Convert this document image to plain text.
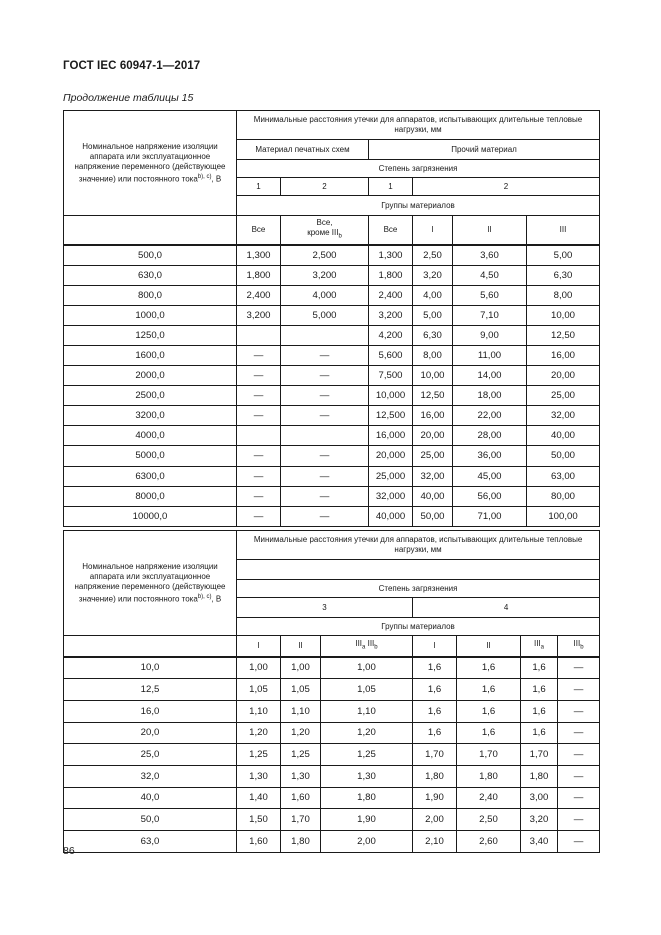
ГОСТ IEC 60947-1—2017
Продолжение таблицы 15
Номинальное напряжение изоляции аппарата или эксплуатационное напряжение переменного (действующее значение) или постоянного тока$^{b), c)}$, В	Минимальные расстояния утечки для аппаратов, испытывающих длительные тепловые нагрузки, мм					
	Материал печатных схем		Прочий материал			
	Степень загрязнения					
	1	2	1	2		
	Группы материалов					
	Все	Все,
кроме $III_b$	Все	I	II	III
500,0	1,300	2,500	1,300	2,50	3,60	5,00
630,0	1,800	3,200	1,800	3,20	4,50	6,30
800,0	2,400	4,000	2,400	4,00	5,60	8,00
1000,0	3,200	5,000	3,200	5,00	7,10	10,00
1250,0			4,200	6,30	9,00	12,50
1600,0	—	—	5,600	8,00	11,00	16,00
2000,0	—	—	7,500	10,00	14,00	20,00
2500,0	—	—	10,000	12,50	18,00	25,00
3200,0	—	—	12,500	16,00	22,00	32,00
4000,0			16,000	20,00	28,00	40,00
5000,0	—	—	20,000	25,00	36,00	50,00
6300,0	—	—	25,000	32,00	45,00	63,00
8000,0	—	—	32,000	40,00	56,00	80,00
10000,0	—	—	40,000	50,00	71,00	100,00
Номинальное напряжение изоляции аппарата или эксплуатационное напряжение переменного (действующее значение) или постоянного тока$^{b), c)}$, В	Минимальные расстояния утечки для аппаратов, испытывающих длительные тепловые нагрузки, мм						

	Степень загрязнения						
	3			4			
	Группы материалов						
	I	II	$III_a$ $III_b$	I	II	$III_a$	$III_b$
10,0	1,00	1,00	1,00	1,6	1,6	1,6	—
12,5	1,05	1,05	1,05	1,6	1,6	1,6	—
16,0	1,10	1,10	1,10	1,6	1,6	1,6	—
20,0	1,20	1,20	1,20	1,6	1,6	1,6	—
25,0	1,25	1,25	1,25	1,70	1,70	1,70	—
32,0	1,30	1,30	1,30	1,80	1,80	1,80	—
40,0	1,40	1,60	1,80	1,90	2,40	3,00	—
50,0	1,50	1,70	1,90	2,00	2,50	3,20	—
63,0	1,60	1,80	2,00	2,10	2,60	3,40	—
86
